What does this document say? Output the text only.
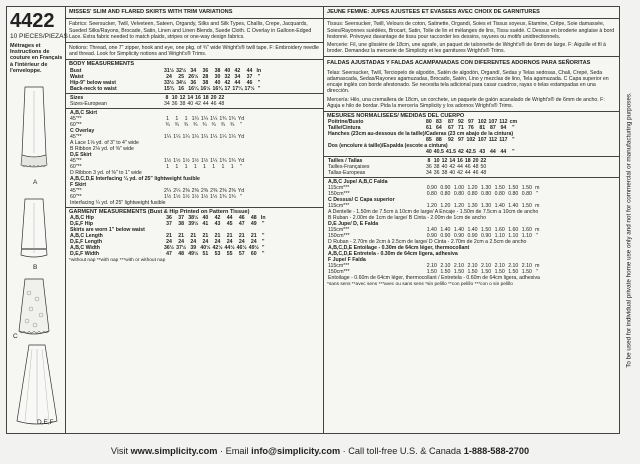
4422
10 PIECES/PIEZAS
Métrages et Instructions de couture en Français à l'intérieur de l'enveloppe.
A
B
C
D,E,F
MISSES' SLIM AND FLARED SKIRTS WITH TRIM VARIATIONS
Fabrics: Seersucker, Twill, Velveteen, Sateen, Organdy, Silks and Silk Types, Challis, Crepe, Jacquards, Sueded Silks/Rayons, Brocade, Satin, Linen and Linen Blends, Suede Cloth. C Overlay in Galloon-Edged Lace. Extra fabric needed to match plaids, stripes or one-way design fabrics.
Notions: Thread, one 7" zipper, hook and eye, one pkg. of ¾" wide Wright's® twill tape. F: Embroidery needle and thread. Look for Simplicity notions and Wright's® Trims.
BODY MEASUREMENTS
Bust	31½	32½	34	36	38	40	42	44	In
Waist	24	25	26½	28	30	32	34	37	"
Hip-9" below waist	33½	34½	36	38	40	42	44	46	"
Back-neck to waist	15¾	16	16¼	16½	16¾	17	17¼	17½	"
Sizes	8	10	12	14	16	18	20	22
Sizes-European	34	36	38	40	42	44	46	48
A,B,C Skirt									
45"**	1	1	1	1¼	1¼	1¼	1¾	1¾	Yd
60"**	¾	¾	¾	¾	¾	¾	¾	¾	"
C Overlay									
45"**	1¼	1¼	1¼	1¼	1¼	1¼	1¼	1¼	Yd
A Lace 1⅛ yd. of 3" to 4" wide									
B Ribbon 2⅛ yd. of ⅜" wide									
D,E Skirt									
45"**	1½	1½	1½	1½	1½	1¼	1¾	1¾	Yd
60"**	1	1	1	1	1	1	1	1	"
D Ribbon 3 yd. of ⅜" to 1" wide									
A,B,C,D,E Interfacing ¼ yd. of 25" lightweight fusible									
F Skirt									
45"**	2¼	2¼	2⅜	2⅜	2⅜	2⅜	2⅜	2⅜	Yd
60"**	1½	1½	1½	1½	1½	1½	1¾	1¾	"
Interfacing ¼ yd. of 25" lightweight fusible									
GARMENT MEASUREMENTS (Bust & Hip Printed on Pattern Tissue)
A,B,C Hip	36	37	38½	40	42	44	46	48	In
D,E,F Hip	37	38	39½	41	43	45	47	49	"
Skirts are worn 1" below waist									
A,B,C Length	21	21	21	21	21	21	21	21	"
D,E,F Length	24	24	24	24	24	24	24	24	"
A,B,C Width	36½	37½	39	40½	42½	44½	46½	49½	"
D,E,F Width	47	48	49½	51	53	55	57	60	"
*without nap **with nap ***with or without nap
JEUNE FEMME: JUPES AJUSTEES ET EVASEES AVEC CHOIX DE GARNITURES
Tissus: Seersucker, Twill, Velours de coton, Satinette, Organdi, Soies et Tissus soyeux, Etamine, Crêpe, Soie damassée, Soies/Rayonnes suédées, Brocart, Satin, Toile de lin et mélanges de lins, Tissu suédé. C Dessus en broderie anglaise à bord festonné. Prévoyez davantage de tissu pour raccorder les dessins, rayures ou motifs unidirectionnels.
Mercerie: Fil, une glissière de 18cm, une agrafe, un paquet de talonnette de Wright's® de 6mm de large. F: Aiguille et fil à broder. Demandez la mercerie de Simplicity et les garnitures Wright's® Trims.
FALDAS AJUSTADAS Y FALDAS ACAMPANADAS CON DIFERENTES ADORNOS PARA SEÑORITAS
Telas: Seersucker, Twill, Terciopelo de algodón, Satén de algodón, Organdí, Sedas y Telas sedosas, Chali, Crepé, Seda adamascada, Sedas/Rayones agamuzadas, Brocado, Satén, Lino y mezclas de lino, Tela agamuzada. C Capa superior en encaje inglés con borde afestonado. Se necesita tela adicional para casar cuadros, rayas o telas estampadas en una dirección.
Mercería: Hilo, una cremallera de 18cm, un corchete, un paquete de galón acanalado de Wright's® de 6mm de ancho. F: Aguja e hilo de bordar. Pida la mercería Simplicity y los adornos Wright's® Trims.
MESURES NORMALISEES/ MEDIDAS DEL CUERPO
Poitrine/Busto	80	83	87	92	97	102	107	112	cm
Taille/Cintura	61	64	67	71	76	81	87	94	"
Hanches (23cm au-dessous de la taille)/Caderas (23 cm abajo de la cintura)									
	85	88	92	97	102	107	112	117	"
Dos (encolure à taille)/Espalda (escote a cintura)									
	40	40.5	41.5	42	42.5	43	44	44	"
Tailles / Tallas	8	10	12	14	16	18	20	22
Tailles-Françaises	36	38	40	42	44	46	48	50
Tallas-Europeas	34	36	38	40	42	44	46	48
A,B,C Jupe/ A,B,C Falda									
115cm***	0.90	0.90	1.00	1.20	1.30	1.50	1.50	1.50	m
150cm***	0.80	0.80	0.80	0.80	0.80	0.80	0.80	0.80	"
C Dessus/ C Capa superior									
115cm***	1.20	1.20	1.20	1.30	1.30	1.40	1.40	1.50	m
A Dentelle - 1.50m de 7.5cm à 10cm de large/ A Encaje - 1.50m de 7.5cm a 10cm de ancho									
B Ruban - 2.00m de 1cm de large/ B Cinta - 2.00m de 1cm de ancho									
D,E Jupe/ D, E Falda									
115cm***	1.40	1.40	1.40	1.40	1.50	1.60	1.60	1.60	m
150cm***	0.90	0.90	0.90	0.90	0.90	1.10	1.10	1.10	"
D Ruban - 2.70m de 2cm à 2.5cm de large/ D Cinta - 2.70m de 2cm a 2.5cm de ancho									
A,B,C,D,E Entoilage - 0.30m de 64cm léger, thermocollant									
A,B,C,D,E Entretela - 0.30m de 64cm ligera, adhesiva									
F Jupe/ F Falda									
115cm***	2.10	2.10	2.10	2.10	2.10	2.10	2.10	2.10	m
150cm***	1.50	1.50	1.50	1.50	1.50	1.50	1.50	1.50	"
Entoilage - 0.60m de 64cm léger, thermocollant / Entretela - 0.60m de 64cm ligera, adhesiva									
*sans sens **avec sens ***avec ou sans sens *sin pelillo **con pelillo ***con o sin pelillo	To be used for individual private home use only and not for commercial or manufacturing purposes.
Visit www.simplicity.com · Email info@simplicity.com · Call toll-free U.S. & Canada 1-888-588-2700
